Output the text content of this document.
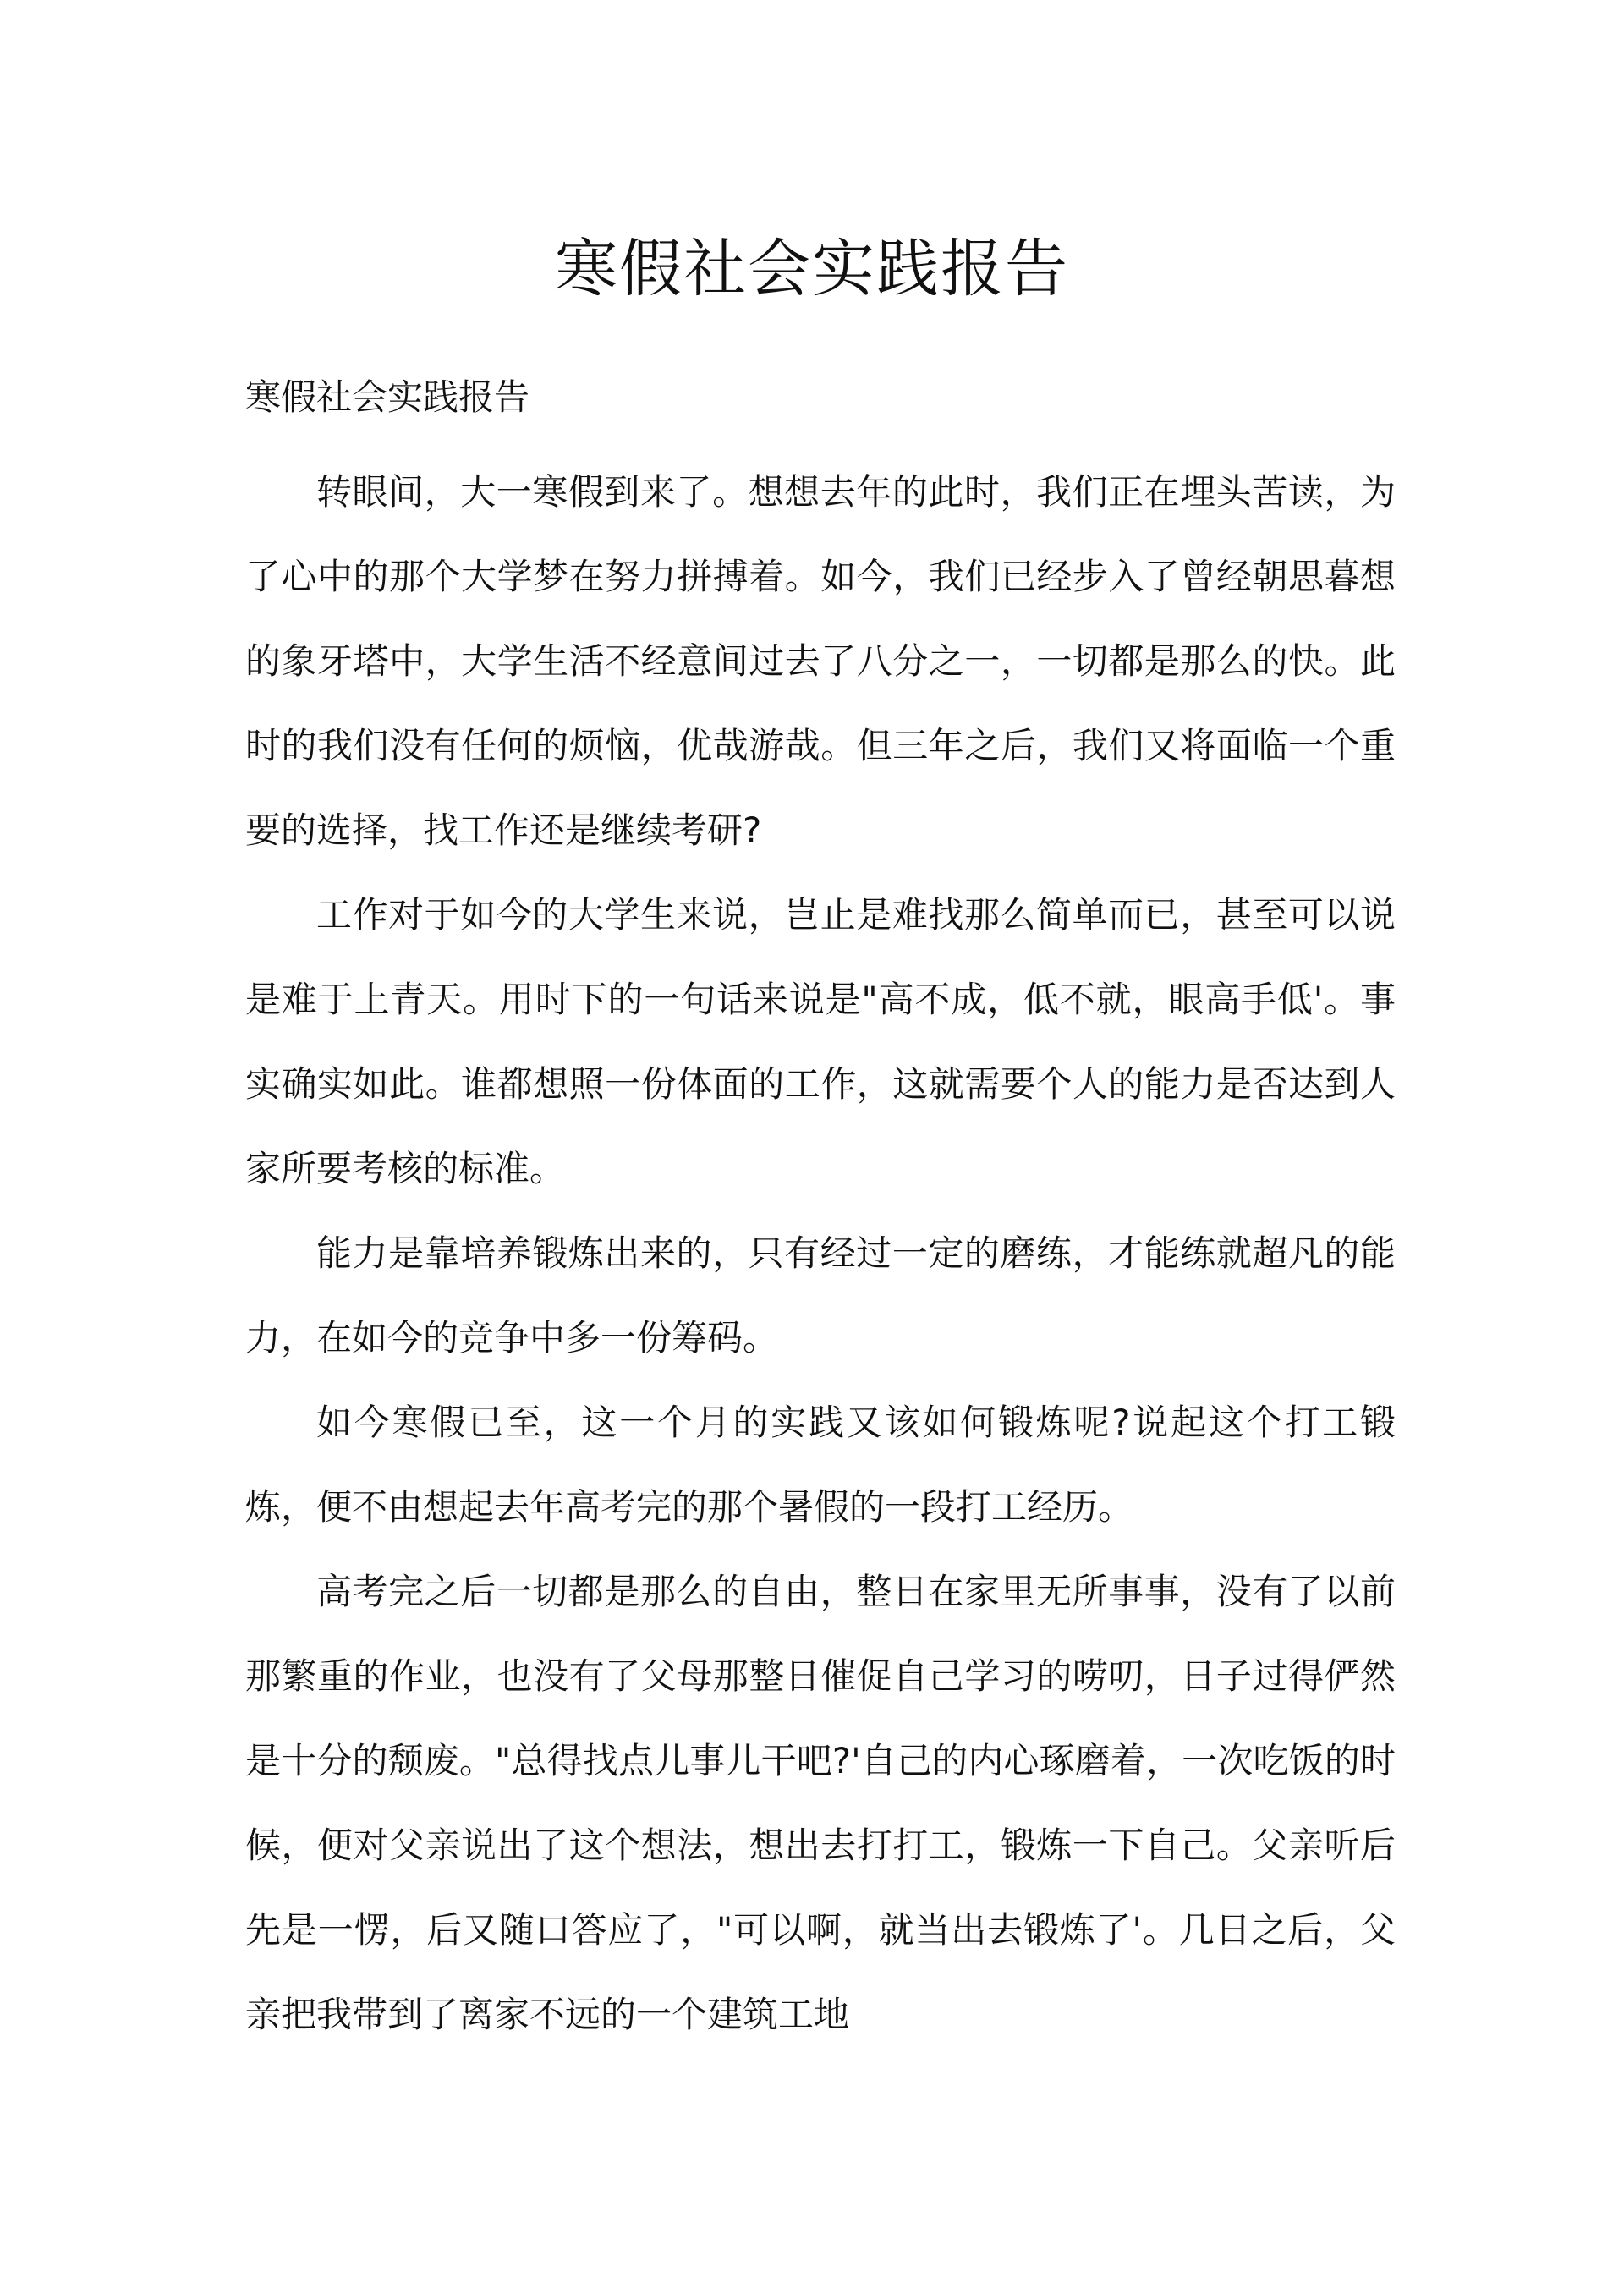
寒假社会实践报告
寒假社会实践报告

转眼间，大一寒假到来了。想想去年的此时，我们正在埋头苦读，为了心中的那个大学梦在努力拼搏着。如今，我们已经步入了曾经朝思暮想的象牙塔中，大学生活不经意间过去了八分之一，一切都是那么的快。此时的我们没有任何的烦恼，优哉游哉。但三年之后，我们又将面临一个重要的选择，找工作还是继续考研?

工作对于如今的大学生来说，岂止是难找那么简单而已，甚至可以说是难于上青天。用时下的一句话来说是"高不成，低不就，眼高手低'。事实确实如此。谁都想照一份体面的工作，这就需要个人的能力是否达到人家所要考核的标准。

能力是靠培养锻炼出来的，只有经过一定的磨练，才能练就超凡的能力，在如今的竞争中多一份筹码。

如今寒假已至，这一个月的实践又该如何锻炼呢?说起这个打工锻炼，便不由想起去年高考完的那个暑假的一段打工经历。

高考完之后一切都是那么的自由，整日在家里无所事事，没有了以前那繁重的作业，也没有了父母那整日催促自己学习的唠叨，日子过得俨然是十分的颓废。"总得找点儿事儿干吧?'自己的内心琢磨着，一次吃饭的时候，便对父亲说出了这个想法，想出去打打工，锻炼一下自己。父亲听后先是一愣，后又随口答应了，"可以啊，就当出去锻炼了'。几日之后，父亲把我带到了离家不远的一个建筑工地
